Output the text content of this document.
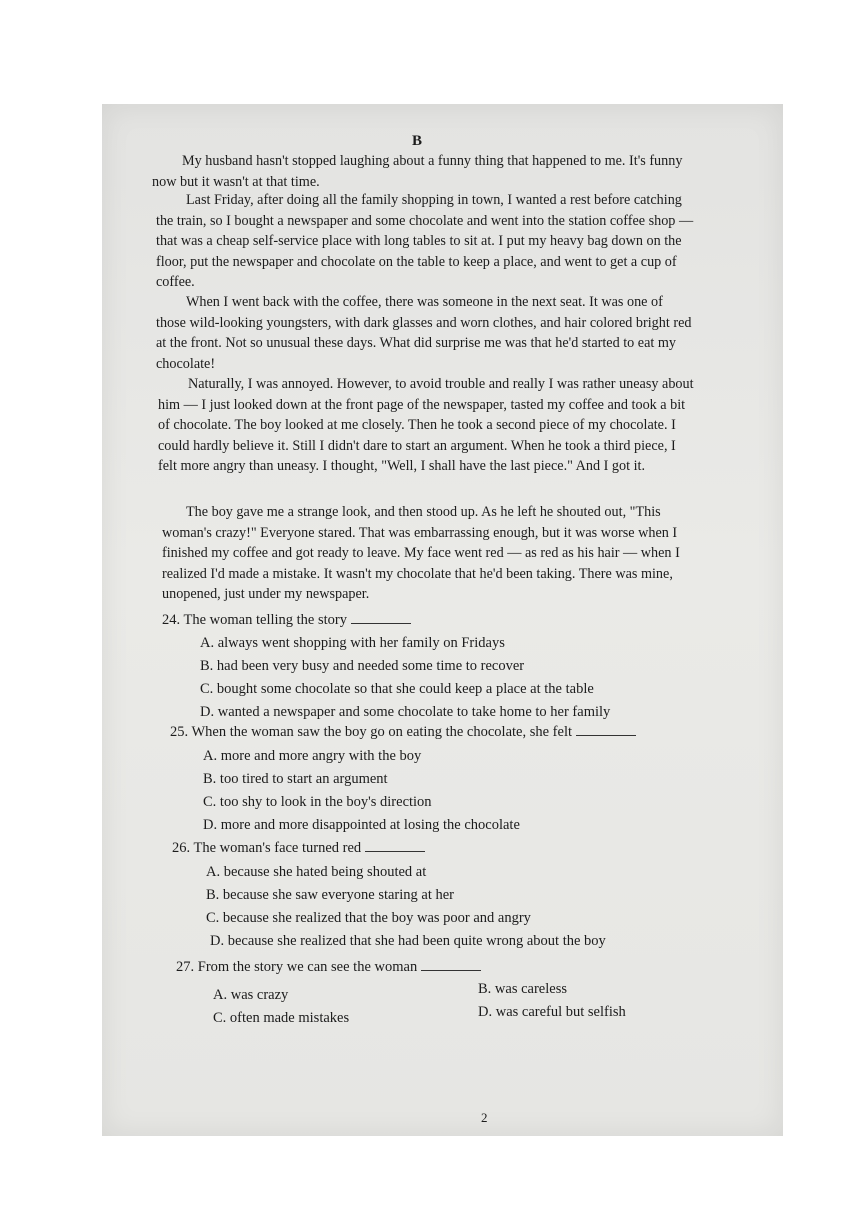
B

My husband hasn't stopped laughing about a funny thing that happened to me. It's funny now but it wasn't at that time.

Last Friday, after doing all the family shopping in town, I wanted a rest before catching the train, so I bought a newspaper and some chocolate and went into the station coffee shop — that was a cheap self-service place with long tables to sit at. I put my heavy bag down on the floor, put the newspaper and chocolate on the table to keep a place, and went to get a cup of coffee.

When I went back with the coffee, there was someone in the next seat. It was one of those wild-looking youngsters, with dark glasses and worn clothes, and hair colored bright red at the front. Not so unusual these days. What did surprise me was that he'd started to eat my chocolate!

Naturally, I was annoyed. However, to avoid trouble and really I was rather uneasy about him — I just looked down at the front page of the newspaper, tasted my coffee and took a bit of chocolate. The boy looked at me closely. Then he took a second piece of my chocolate. I could hardly believe it. Still I didn't dare to start an argument. When he took a third piece, I felt more angry than uneasy. I thought, "Well, I shall have the last piece." And I got it.

The boy gave me a strange look, and then stood up. As he left he shouted out, "This woman's crazy!" Everyone stared. That was embarrassing enough, but it was worse when I finished my coffee and got ready to leave. My face went red — as red as his hair — when I realized I'd made a mistake. It wasn't my chocolate that he'd been taking. There was mine, unopened, just under my newspaper.

24. The woman telling the story
A. always went shopping with her family on Fridays
B. had been very busy and needed some time to recover
C. bought some chocolate so that she could keep a place at the table
D. wanted a newspaper and some chocolate to take home to her family
25. When the woman saw the boy go on eating the chocolate, she felt
A. more and more angry with the boy
B. too tired to start an argument
C. too shy to look in the boy's direction
D. more and more disappointed at losing the chocolate
26. The woman's face turned red
A. because she hated being shouted at
B. because she saw everyone staring at her
C. because she realized that the boy was poor and angry
D. because she realized that she had been quite wrong about the boy
27. From the story we can see the woman
A. was crazy	B. was careless
C. often made mistakes	D. was careful but selfish
2
